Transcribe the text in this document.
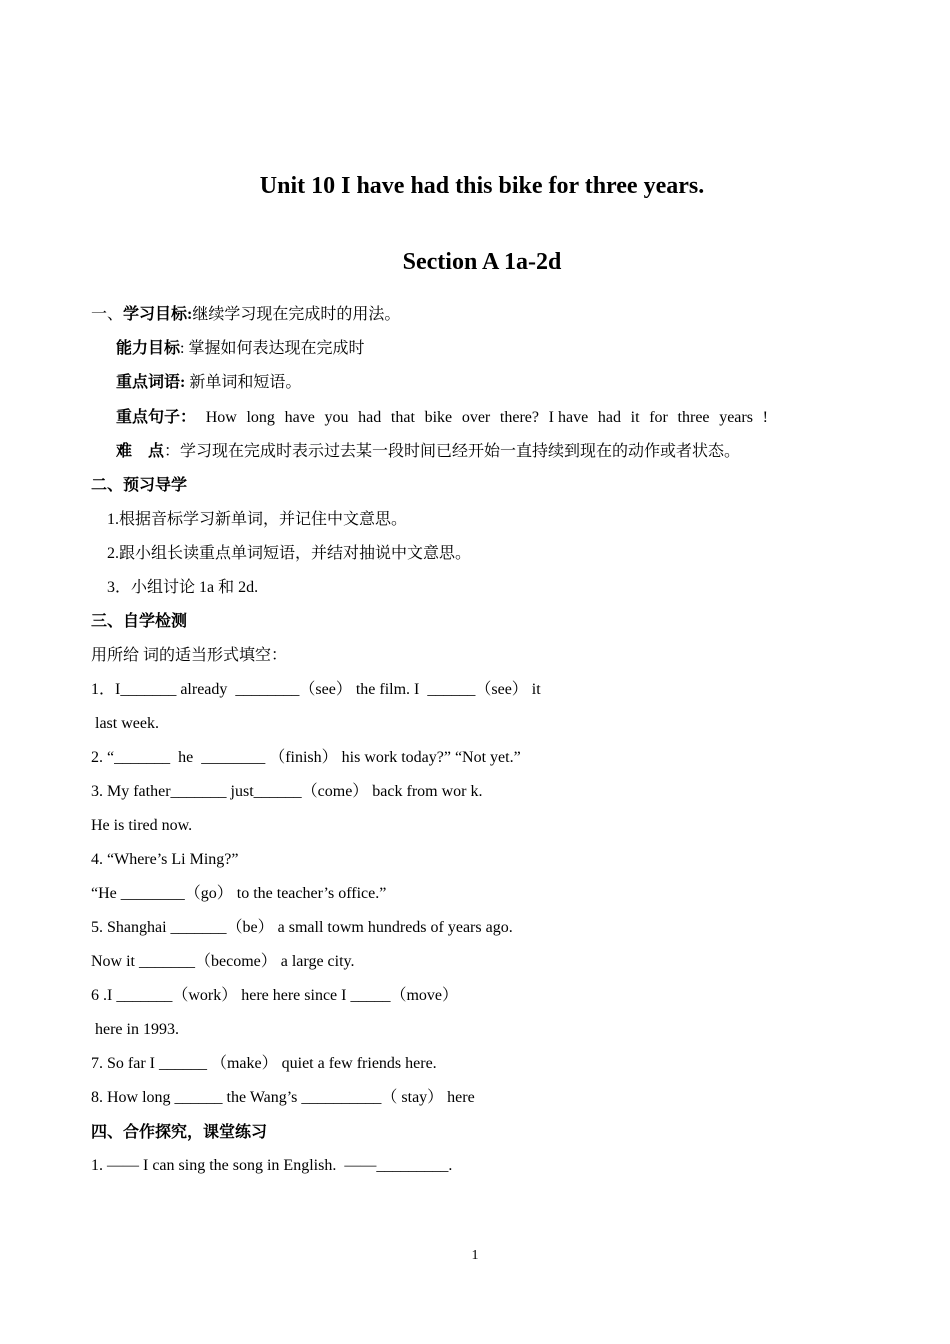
Unit 10 I have had this bike for three years.
Section A 1a-2d
一、学习目标:继续学习现在完成时的用法。
能力目标: 掌握如何表达现在完成时
重点词语: 新单词和短语。
重点句子： How long have you had that bike over there? I have had it for three years !
难　点：学习现在完成时表示过去某一段时间已经开始一直持续到现在的动作或者状态。
二、预习导学
1.根据音标学习新单词，并记住中文意思。
2.跟小组长读重点单词短语，并结对抽说中文意思。
3．小组讨论 1a 和 2d.
三、自学检测
用所给 词的适当形式填空：
1．I_______ already  ________（see） the film. I  ______（see） it
last week.
2. “_______  he  ________ （finish） his work today?” “Not yet.”
3. My father_______ just______（come） back from wor k.
He is tired now.
4. “Where’s Li Ming?”
“He ________（go） to the teacher’s office.”
5. Shanghai _______（be） a small towm hundreds of years ago.
Now it _______（become） a large city.
6 .I _______（work） here here since I _____（move）
here in 1993.
7. So far I ______ （make） quiet a few friends here.
8. How long ______ the Wang’s __________（ stay） here
四、合作探究，课堂练习
1. —— I can sing the song in English.  ——_________.
1
